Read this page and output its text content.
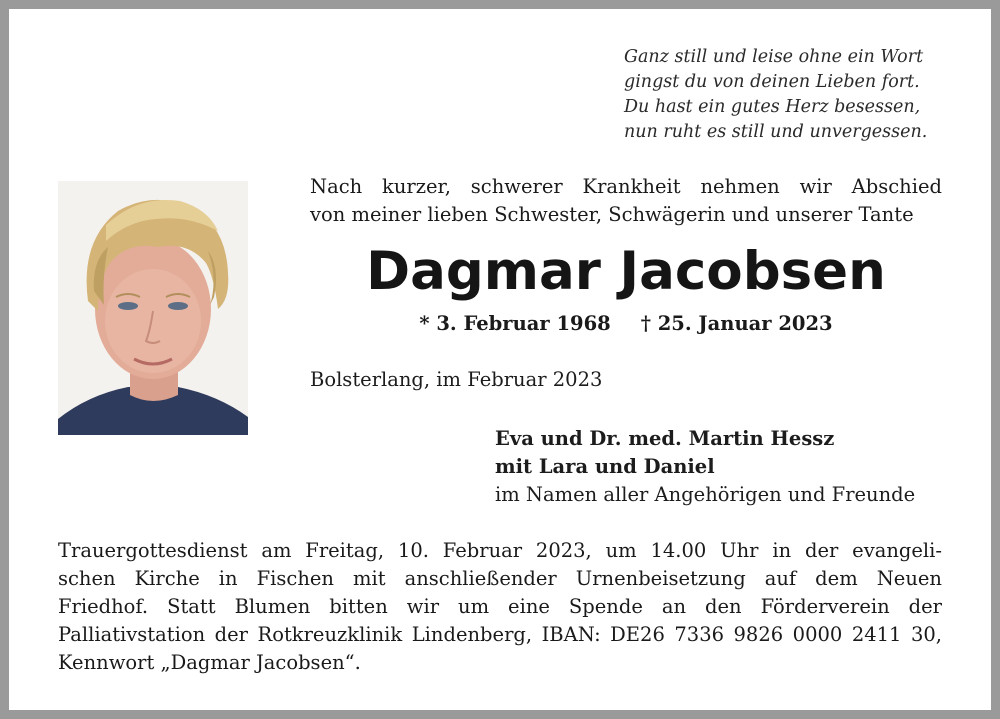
Ganz still und leise ohne ein Wort
gingst du von deinen Lieben fort.
Du hast ein gutes Herz besessen,
nun ruht es still und unvergessen.
Nach kurzer, schwerer Krankheit nehmen wir Abschied
von meiner lieben Schwester, Schwägerin und unserer Tante
Dagmar Jacobsen
* 3. Februar 1968 † 25. Januar 2023
Bolsterlang, im Februar 2023
Eva und Dr. med. Martin Hessz
mit Lara und Daniel
im Namen aller Angehörigen und Freunde
Trauergottesdienst am Freitag, 10. Februar 2023, um 14.00 Uhr in der evangeli-
schen Kirche in Fischen mit anschließender Urnenbeisetzung auf dem Neuen
Friedhof. Statt Blumen bitten wir um eine Spende an den Förderverein der
Palliativstation der Rotkreuzklinik Lindenberg, IBAN: DE26 7336 9826 0000 2411 30,
Kennwort „Dagmar Jacobsen“.
